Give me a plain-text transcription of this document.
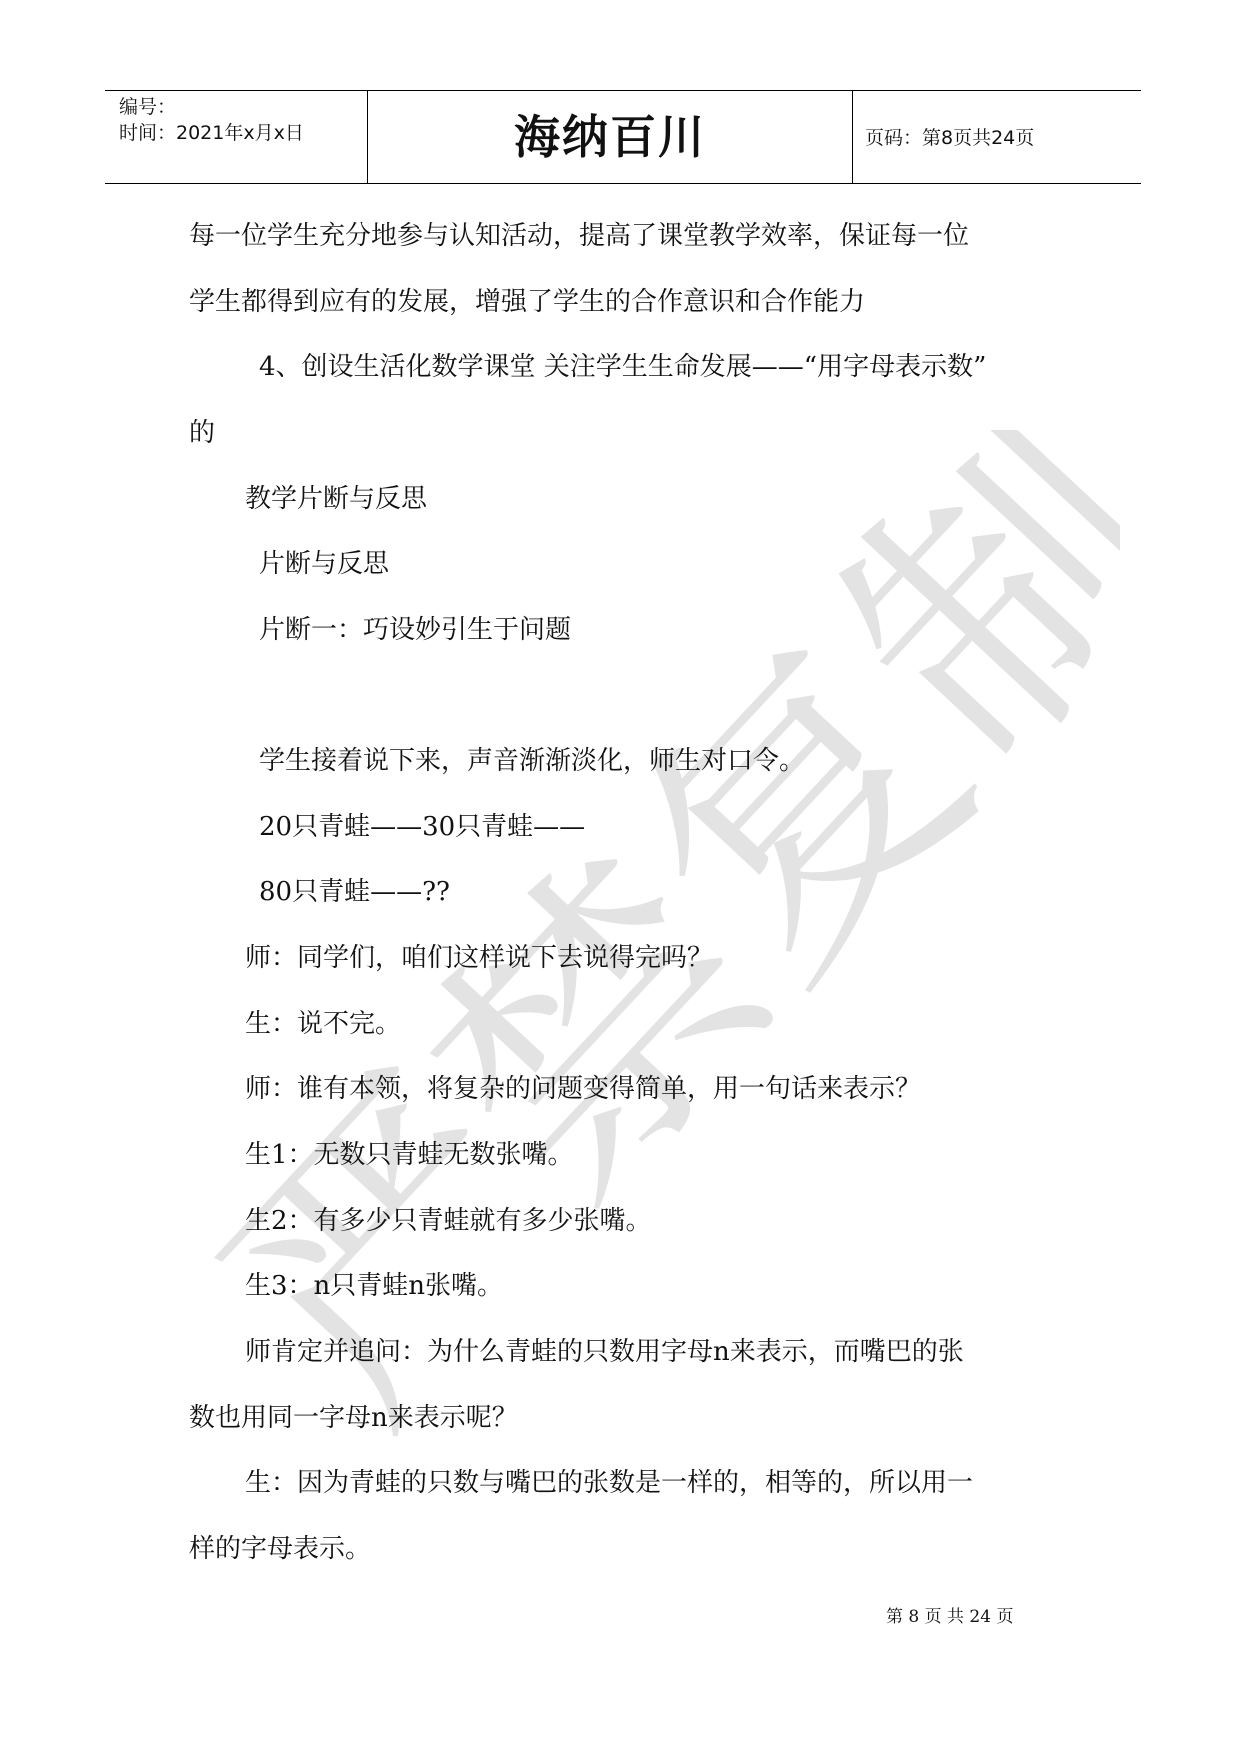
严禁复制
编号：
时间：2021年x月x日	海纳百川	页码：第8页共24页
每一位学生充分地参与认知活动，提高了课堂教学效率，保证每一位
学生都得到应有的发展，增强了学生的合作意识和合作能力
4、创设生活化数学课堂 关注学生生命发展——“用字母表示数”
的
教学片断与反思
片断与反思
片断一：巧设妙引生于问题
学生接着说下来，声音渐渐淡化，师生对口令。
20只青蛙——30只青蛙——
80只青蛙——??
师：同学们，咱们这样说下去说得完吗？
生：说不完。
师：谁有本领，将复杂的问题变得简单，用一句话来表示？
生1：无数只青蛙无数张嘴。
生2：有多少只青蛙就有多少张嘴。
生3：n只青蛙n张嘴。
师肯定并追问：为什么青蛙的只数用字母n来表示，而嘴巴的张
数也用同一字母n来表示呢？
生：因为青蛙的只数与嘴巴的张数是一样的，相等的，所以用一
样的字母表示。
第 8 页 共 24 页
